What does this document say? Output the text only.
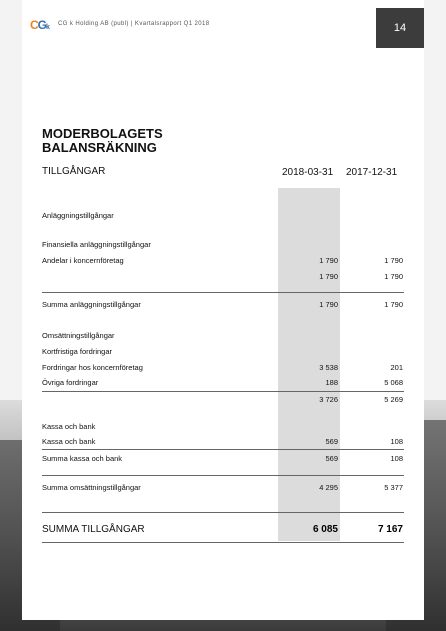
14
CGk CG k Holding AB (publ) | Kvartalsrapport Q1 2018
MODERBOLAGETS
BALANSRÄKNING
TILLGÅNGAR	2018-03-31 2017-12-31
Anläggningstillgångar
Finansiella anläggningstillgångar
Andelar i koncernföretag	1 790	1 790
1 790	1 790
Summa anläggningstillgångar	1 790	1 790
Omsättningstillgångar
Kortfristiga fordringar
Fordringar hos koncernföretag	3 538	201
Övriga fordringar	188	5 068
3 726	5 269
Kassa och bank
Kassa och bank	569	108
Summa kassa och bank	569	108
Summa omsättningstillgångar	4 295	5 377
SUMMA TILLGÅNGAR	6 085	7 167
